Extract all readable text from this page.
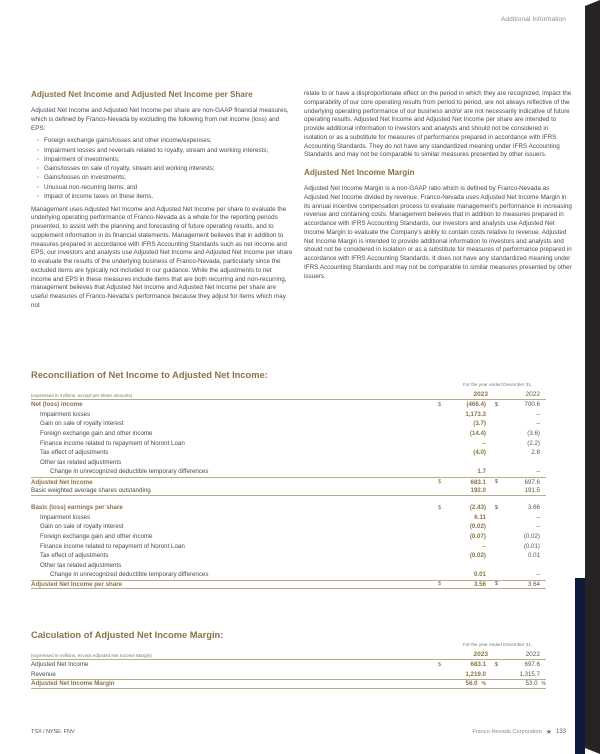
Additional Information
Adjusted Net Income and Adjusted Net Income per Share

Adjusted Net Income and Adjusted Net Income per share are non-GAAP financial measures, which is defined by Franco-Nevada by excluding the following from net income (loss) and EPS:

· Foreign exchange gains/losses and other income/expenses;
· Impairment losses and reversals related to royalty, stream and working interests;
· Impairment of investments;
· Gains/losses on sale of royalty, stream and working interests;
· Gains/losses on investments;
· Unusual non-recurring items; and
· Impact of income taxes on these items.

Management uses Adjusted Net Income and Adjusted Net Income per share to evaluate the underlying operating performance of Franco-Nevada as a whole for the reporting periods presented, to assist with the planning and forecasting of future operating results, and to supplement information in its financial statements. Management believes that in addition to measures prepared in accordance with IFRS Accounting Standards such as net income and EPS, our investors and analysts use Adjusted Net Income and Adjusted Net Income per share to evaluate the results of the underlying business of Franco-Nevada, particularly since the excluded items are typically not included in our guidance. While the adjustments to net income and EPS in these measures include items that are both recurring and non-recurring, management believes that Adjusted Net Income and Adjusted Net Income per share are useful measures of Franco-Nevada's performance because they adjust for items which may not

relate to or have a disproportionate effect on the period in which they are recognized, impact the comparability of our core operating results from period to period, are not always reflective of the underlying operating performance of our business and/or are not necessarily indicative of future operating results. Adjusted Net Income and Adjusted Net Income per share are intended to provide additional information to investors and analysts and should not be considered in isolation or as a substitute for measures of performance prepared in accordance with IFRS Accounting Standards. They do not have any standardized meaning under IFRS Accounting Standards and may not be comparable to similar measures presented by other issuers.

Adjusted Net Income Margin

Adjusted Net Income Margin is a non-GAAP ratio which is defined by Franco-Nevada as Adjusted Net Income divided by revenue. Franco-Nevada uses Adjusted Net Income Margin in its annual incentive compensation process to evaluate management's performance in increasing revenue and containing costs. Management believes that in addition to measures prepared in accordance with IFRS Accounting Standards, our investors and analysts use Adjusted Net Income Margin to evaluate the Company's ability to contain costs relative to revenue. Adjusted Net Income Margin is intended to provide additional information to investors and analysts and should not be considered in isolation or as a substitute for measures of performance prepared in accordance with IFRS Accounting Standards. It does not have any standardized meaning under IFRS Accounting Standards and may not be comparable to similar measures presented by other issuers.

Reconciliation of Net Income to Adjusted Net Income:
For the year ended December 31,
(expressed in millions, except per share amounts)	2023	2022
Net (loss) income	$	(466.4)	$	700.6
Impairment losses	1,173.3	–
Gain on sale of royalty interest	(3.7)	–
Foreign exchange gain and other income	(14.4)	(3.6)
Finance income related to repayment of Noront Loan	–	(2.2)
Tax effect of adjustments	(4.0)	2.8
Other tax related adjustments
Change in unrecognized deductible temporary differences	1.7	–
Adjusted Net Income	$	683.1	$	697.6
Basic weighted average shares outstanding	192.0	191.5
Basic (loss) earnings per share	$	(2.43)	$	3.66
Impairment losses	6.11	–
Gain on sale of royalty interest	(0.02)	–
Foreign exchange gain and other income	(0.07)	(0.02)
Finance income related to repayment of Noront Loan	–	(0.01)
Tax effect of adjustments	(0.02)	0.01
Other tax related adjustments
Change in unrecognized deductible temporary differences	0.01	–
Adjusted Net Income per share	$	3.56	$	3.64
Calculation of Adjusted Net Income Margin:
For the year ended December 31,
(expressed in millions, except Adjusted Net Income Margin)	2023	2022
Adjusted Net Income	$	683.1	$	697.6
Revenue	1,219.0	1,315.7
Adjusted Net Income Margin	56.0 %	53.0 %
TSX / NYSE: FNV	Franco-Nevada Corporation ★ 133
